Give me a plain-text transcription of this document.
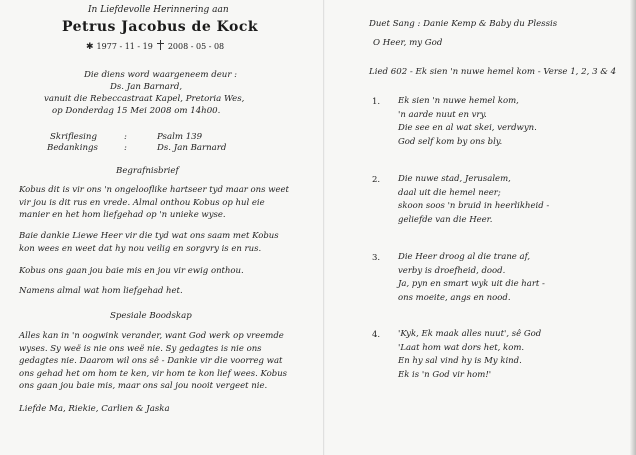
In Liefdevolle Herinnering aan
Petrus Jacobus de Kock
✱ 1977 - 11 - 19 2008 - 05 - 08
Die diens word waargeneem deur :
Ds. Jan Barnard,
vanuit die Rebeccastraat Kapel, Pretoria Wes,
op Donderdag 15 Mei 2008 om 14h00.
Skriflesing	:	Psalm 139
Bedankings	:	Ds. Jan Barnard
Begrafnisbrief

Kobus dit is vir ons 'n ongelooflike hartseer tyd maar ons weet

vir jou is dit rus en vrede. Almal onthou Kobus op hul eie

manier en het hom liefgehad op 'n unieke wyse.

Baie dankie Liewe Heer vir die tyd wat ons saam met Kobus

kon wees en weet dat hy nou veilig en sorgvry is en rus.

Kobus ons gaan jou baie mis en jou vir ewig onthou.

Namens almal wat hom liefgehad het.

Spesiale Boodskap

Alles kan in 'n oogwink verander, want God werk op vreemde

wyses. Sy weë is nie ons weë nie. Sy gedagtes is nie ons

gedagtes nie. Daarom wil ons sê - Dankie vir die voorreg wat

ons gehad het om hom te ken, vir hom te kon lief wees. Kobus

ons gaan jou baie mis, maar ons sal jou nooit vergeet nie.

Liefde Ma, Riekie, Carlien & Jaska
Duet Sang : Danie Kemp & Baby du Plessis
O Heer, my God
Lied 602 - Ek sien 'n nuwe hemel kom - Verse 1, 2, 3 & 4
1. Ek sien 'n nuwe hemel kom,

'n aarde nuut en vry.

Die see en al wat skei, verdwyn.

God self kom by ons bly.

2. Die nuwe stad, Jerusalem,

daal uit die hemel neer;

skoon soos 'n bruid in heerlikheid -

geliefde van die Heer.

3. Die Heer droog al die trane af,

verby is droefheid, dood.

Ja, pyn en smart wyk uit die hart -

ons moeite, angs en nood.

4. 'Kyk, Ek maak alles nuut', sê God

'Laat hom wat dors het, kom.

En hy sal vind hy is My kind.

Ek is 'n God vir hom!'
